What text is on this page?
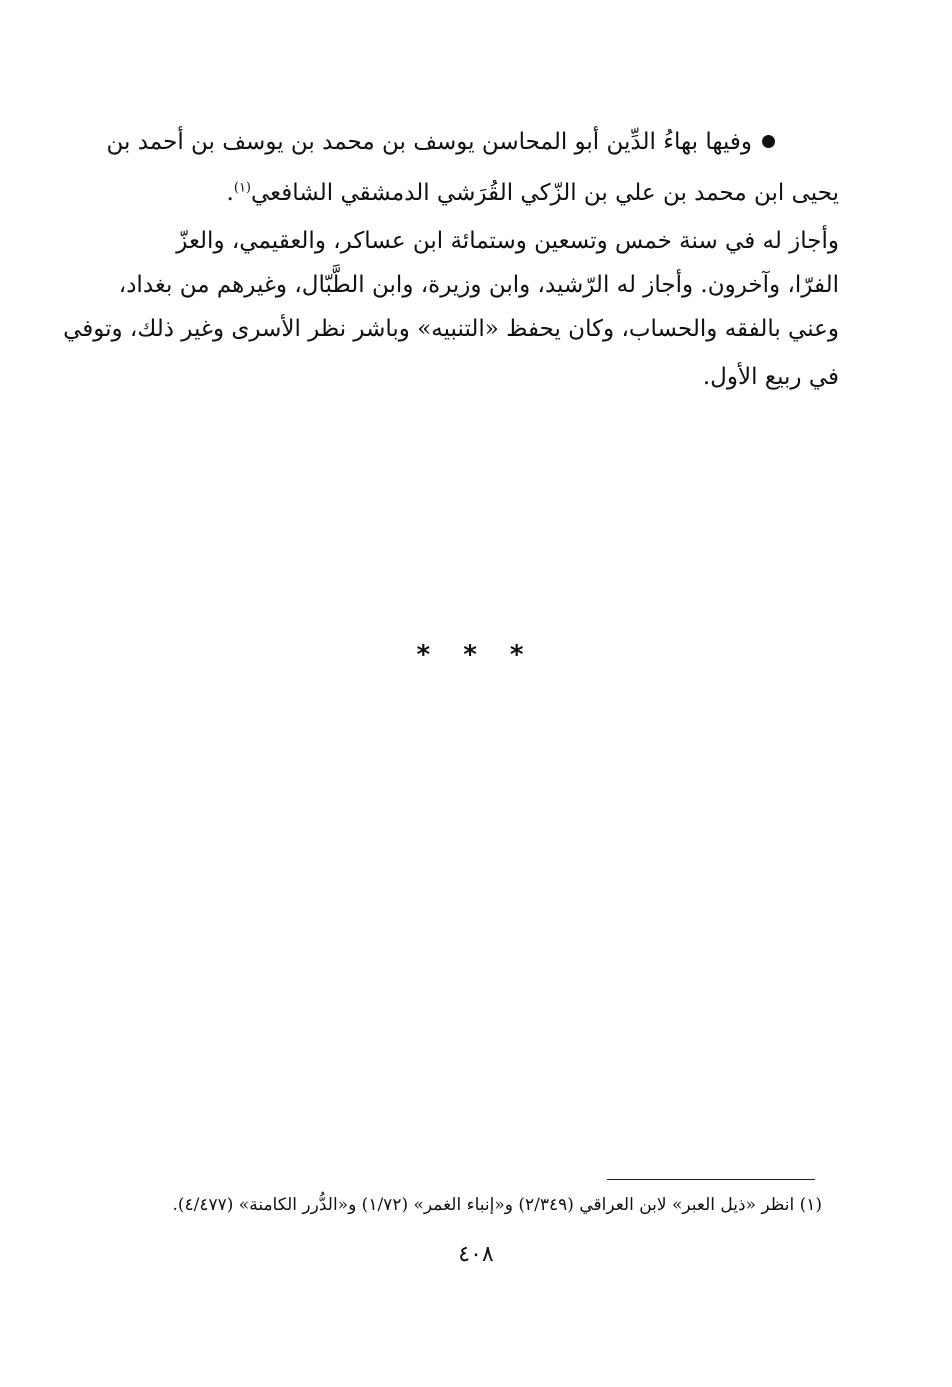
وفيها بهاءُ الدِّين أبو المحاسن يوسف بن محمد بن يوسف بن أحمد بن
يحيى ابن محمد بن علي بن الزّكي القُرَشي الدمشقي الشافعي$^{(١)}$.
وأجاز له في سنة خمس وتسعين وستمائة ابن عساكر، والعقيمي، والعزّ
الفرّا، وآخرون. وأجاز له الرّشيد، وابن وزيرة، وابن الطَّبّال، وغيرهم من بغداد،
وعني بالفقه والحساب، وكان يحفظ «التنبيه» وباشر نظر الأسرى وغير ذلك، وتوفي
في ربيع الأول.
* * *
(١) انظر «ذيل العبر» لابن العراقي (٢/٣٤٩) و«إنباء الغمر» (١/٧٢) و«الدُّرر الكامنة» (٤/٤٧٧).
٤٠٨
